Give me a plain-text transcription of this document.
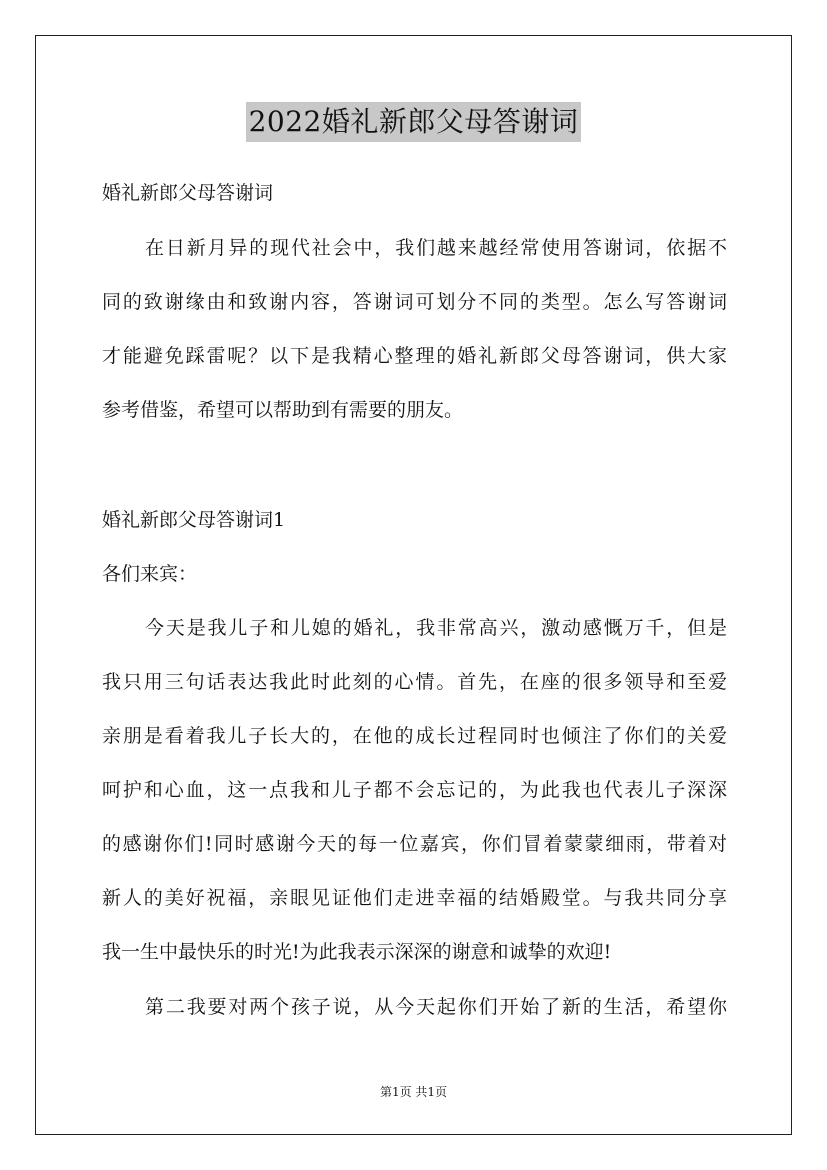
2022婚礼新郎父母答谢词
婚礼新郎父母答谢词
在日新月异的现代社会中，我们越来越经常使用答谢词，依据不
同的致谢缘由和致谢内容，答谢词可划分不同的类型。怎么写答谢词
才能避免踩雷呢？以下是我精心整理的婚礼新郎父母答谢词，供大家
参考借鉴，希望可以帮助到有需要的朋友。
婚礼新郎父母答谢词1
各们来宾：
今天是我儿子和儿媳的婚礼，我非常高兴，激动感慨万千，但是
我只用三句话表达我此时此刻的心情。首先，在座的很多领导和至爱
亲朋是看着我儿子长大的，在他的成长过程同时也倾注了你们的关爱
呵护和心血，这一点我和儿子都不会忘记的，为此我也代表儿子深深
的感谢你们!同时感谢今天的每一位嘉宾，你们冒着蒙蒙细雨，带着对
新人的美好祝福，亲眼见证他们走进幸福的结婚殿堂。与我共同分享
我一生中最快乐的时光!为此我表示深深的谢意和诚挚的欢迎!
第二我要对两个孩子说，从今天起你们开始了新的生活，希望你
第1页 共1页
